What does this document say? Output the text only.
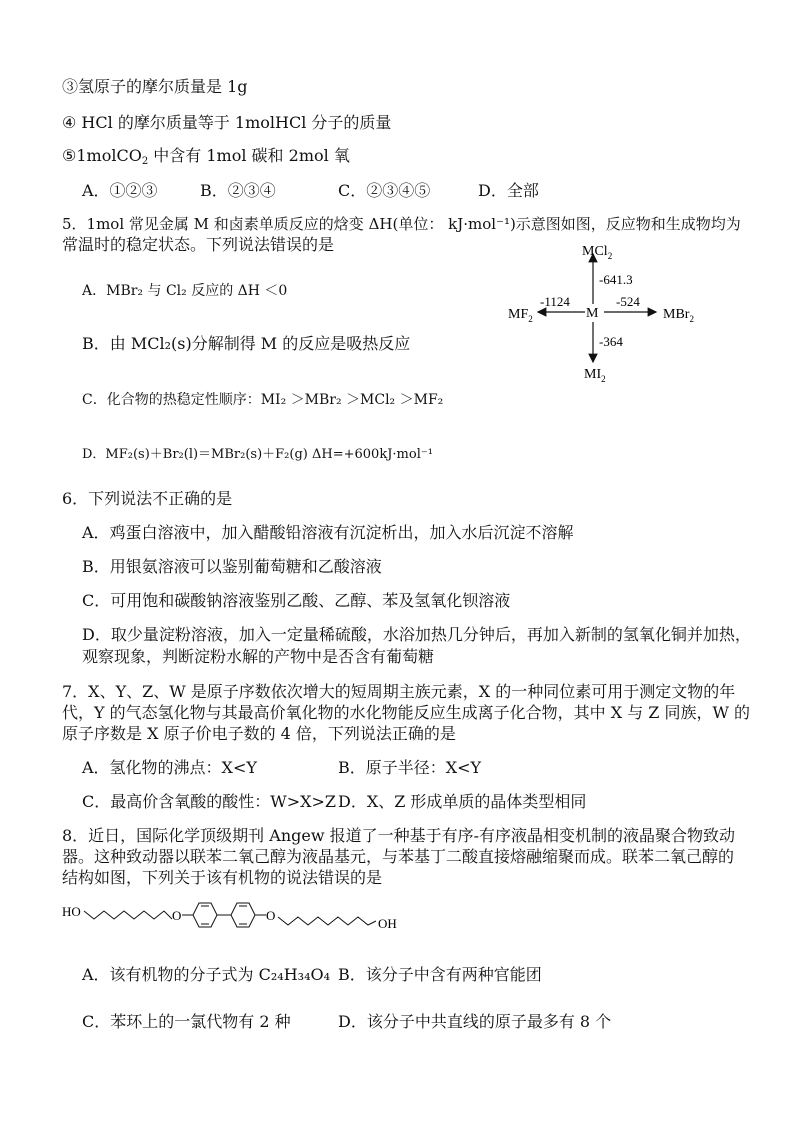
③氢原子的摩尔质量是 1g
④ HCl 的摩尔质量等于 1molHCl 分子的质量
⑤1molCO$_2$ 中含有 1mol 碳和 2mol 氧
A．①②③	B．②③④	C．②③④⑤	D．全部
5．1mol 常见金属 M 和卤素单质反应的焓变 ΔH(单位： kJ·mol⁻¹)示意图如图，反应物和生成物均为
常温时的稳定状态。下列说法错误的是
M
MCl$_2$
-641.3
$MF_2$
-1124
MBr$_2$
-524
$MI_2$
-364
A．MBr₂ 与 Cl₂ 反应的 ΔH ＜0
B．由 MCl₂(s)分解制得 M 的反应是吸热反应
C．化合物的热稳定性顺序：MI₂ ＞MBr₂ ＞MCl₂ ＞MF₂
D．MF₂(s)＋Br₂(l)＝MBr₂(s)＋F₂(g) ΔH=+600kJ·mol⁻¹
6．下列说法不正确的是
A．鸡蛋白溶液中，加入醋酸铅溶液有沉淀析出，加入水后沉淀不溶解
B．用银氨溶液可以鉴别葡萄糖和乙酸溶液
C．可用饱和碳酸钠溶液鉴别乙酸、乙醇、苯及氢氧化钡溶液
D．取少量淀粉溶液，加入一定量稀硫酸，水浴加热几分钟后，再加入新制的氢氧化铜并加热，
观察现象，判断淀粉水解的产物中是否含有葡萄糖
7．X、Y、Z、W 是原子序数依次增大的短周期主族元素，X 的一种同位素可用于测定文物的年
代，Y 的气态氢化物与其最高价氧化物的水化物能反应生成离子化合物，其中 X 与 Z 同族，W 的
原子序数是 X 原子价电子数的 4 倍，下列说法正确的是
A．氢化物的沸点：X<Y	B．原子半径：X<Y
C．最高价含氧酸的酸性：W>X>Z D．X、Z 形成单质的晶体类型相同
8．近日，国际化学顶级期刊 Angew 报道了一种基于有序-有序液晶相变机制的液晶聚合物致动
器。这种致动器以联苯二氧己醇为液晶基元，与苯基丁二酸直接熔融缩聚而成。联苯二氧己醇的
结构如图，下列关于该有机物的说法错误的是
HO	O	O
OH
A．该有机物的分子式为 C₂₄H₃₄O₄ B．该分子中含有两种官能团
C．苯环上的一氯代物有 2 种	D．该分子中共直线的原子最多有 8 个
